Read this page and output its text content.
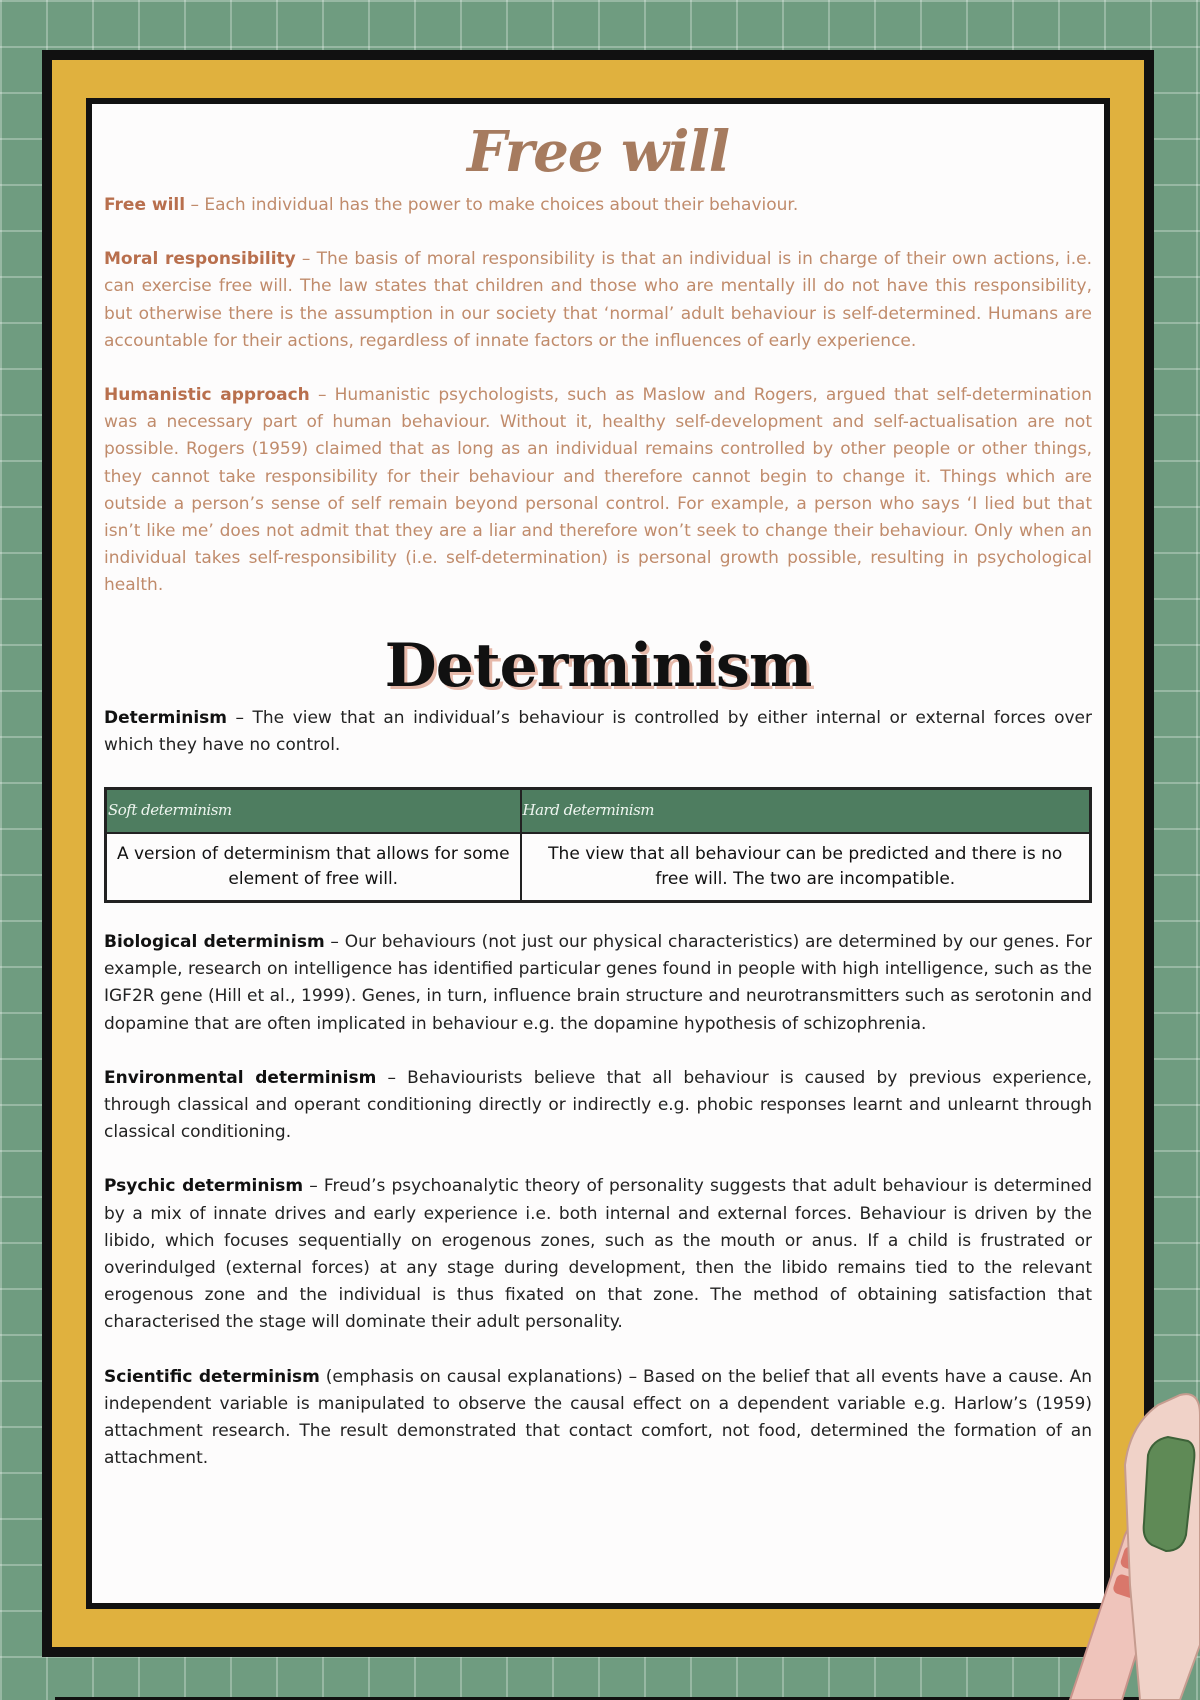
Free will

Free will – Each individual has the power to make choices about their behaviour.

Moral responsibility – The basis of moral responsibility is that an individual is in charge of their own actions, i.e. can exercise free will. The law states that children and those who are mentally ill do not have this responsibility, but otherwise there is the assumption in our society that ‘normal’ adult behaviour is self-determined. Humans are accountable for their actions, regardless of innate factors or the influences of early experience.

Humanistic approach – Humanistic psychologists, such as Maslow and Rogers, argued that self-determination was a necessary part of human behaviour. Without it, healthy self-development and self-actualisation are not possible. Rogers (1959) claimed that as long as an individual remains controlled by other people or other things, they cannot take responsibility for their behaviour and therefore cannot begin to change it. Things which are outside a person’s sense of self remain beyond personal control. For example, a person who says ‘I lied but that isn’t like me’ does not admit that they are a liar and therefore won’t seek to change their behaviour. Only when an individual takes self-responsibility (i.e. self-determination) is personal growth possible, resulting in psychological health.

Determinism

Determinism – The view that an individual’s behaviour is controlled by either internal or external forces over which they have no control.

Soft determinism	Hard determinism
A version of determinism that allows for some element of free will.	The view that all behaviour can be predicted and there is no free will. The two are incompatible.

Biological determinism – Our behaviours (not just our physical characteristics) are determined by our genes. For example, research on intelligence has identified particular genes found in people with high intelligence, such as the IGF2R gene (Hill et al., 1999). Genes, in turn, influence brain structure and neurotransmitters such as serotonin and dopamine that are often implicated in behaviour e.g. the dopamine hypothesis of schizophrenia.

Environmental determinism – Behaviourists believe that all behaviour is caused by previous experience, through classical and operant conditioning directly or indirectly e.g. phobic responses learnt and unlearnt through classical conditioning.

Psychic determinism – Freud’s psychoanalytic theory of personality suggests that adult behaviour is determined by a mix of innate drives and early experience i.e. both internal and external forces. Behaviour is driven by the libido, which focuses sequentially on erogenous zones, such as the mouth or anus. If a child is frustrated or overindulged (external forces) at any stage during development, then the libido remains tied to the relevant erogenous zone and the individual is thus fixated on that zone. The method of obtaining satisfaction that characterised the stage will dominate their adult personality.

Scientific determinism (emphasis on causal explanations) – Based on the belief that all events have a cause. An independent variable is manipulated to observe the causal effect on a dependent variable e.g. Harlow’s (1959) attachment research. The result demonstrated that contact comfort, not food, determined the formation of an attachment.
